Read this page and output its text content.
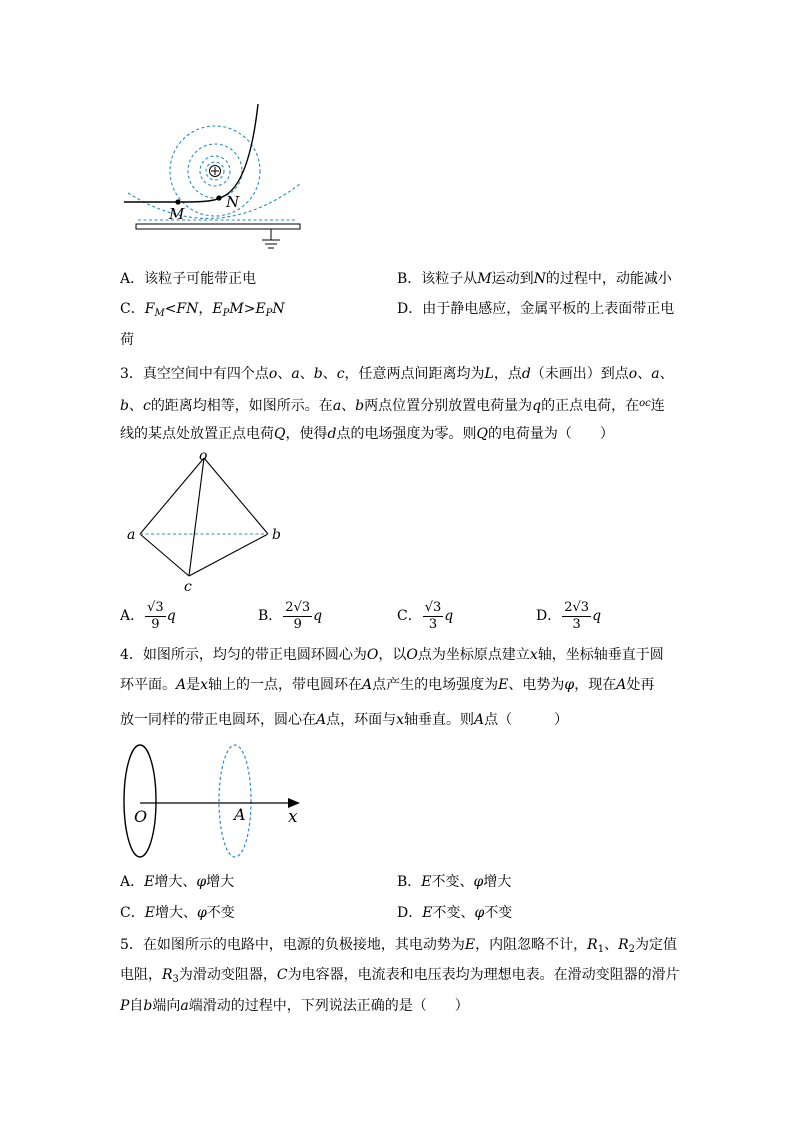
M
N
A．该粒子可能带正电	B．该粒子从M运动到N的过程中，动能减小
C．$F_M<FN$，$E_PM>E_PN$	D．由于静电感应，金属平板的上表面带正电
荷
3．真空空间中有四个点o、a、b、c，任意两点间距离均为L，点d（未画出）到点o、a、
b、c的距离均相等，如图所示。在a、b两点位置分别放置电荷量为q的正点电荷，在$^{oc}$连
线的某点处放置正点电荷Q，使得d点的电场强度为零。则Q的电荷量为（　　）
o
a	b
c
A． $\frac{√3}{9}$ q	B． $\frac{2√3}{9}$ q	C． $\frac{√3}{3}$ q	D． $\frac{2√3}{3}$ q
4．如图所示，均匀的带正电圆环圆心为O，以O点为坐标原点建立x轴，坐标轴垂直于圆
环平面。A是x轴上的一点，带电圆环在A点产生的电场强度为E、电势为φ，现在A处再
放一同样的带正电圆环，圆心在A点，环面与x轴垂直。则A点（　　　）
O	A x
A．E增大、φ增大	B．E不变、φ增大
C．E增大、φ不变	D．E不变、φ不变
5．在如图所示的电路中，电源的负极接地，其电动势为E，内阻忽略不计，$R_1$、$R_2$为定值
电阻，$R_3$为滑动变阻器，C为电容器，电流表和电压表均为理想电表。在滑动变阻器的滑片
P自b端向a端滑动的过程中，下列说法正确的是（　　）
